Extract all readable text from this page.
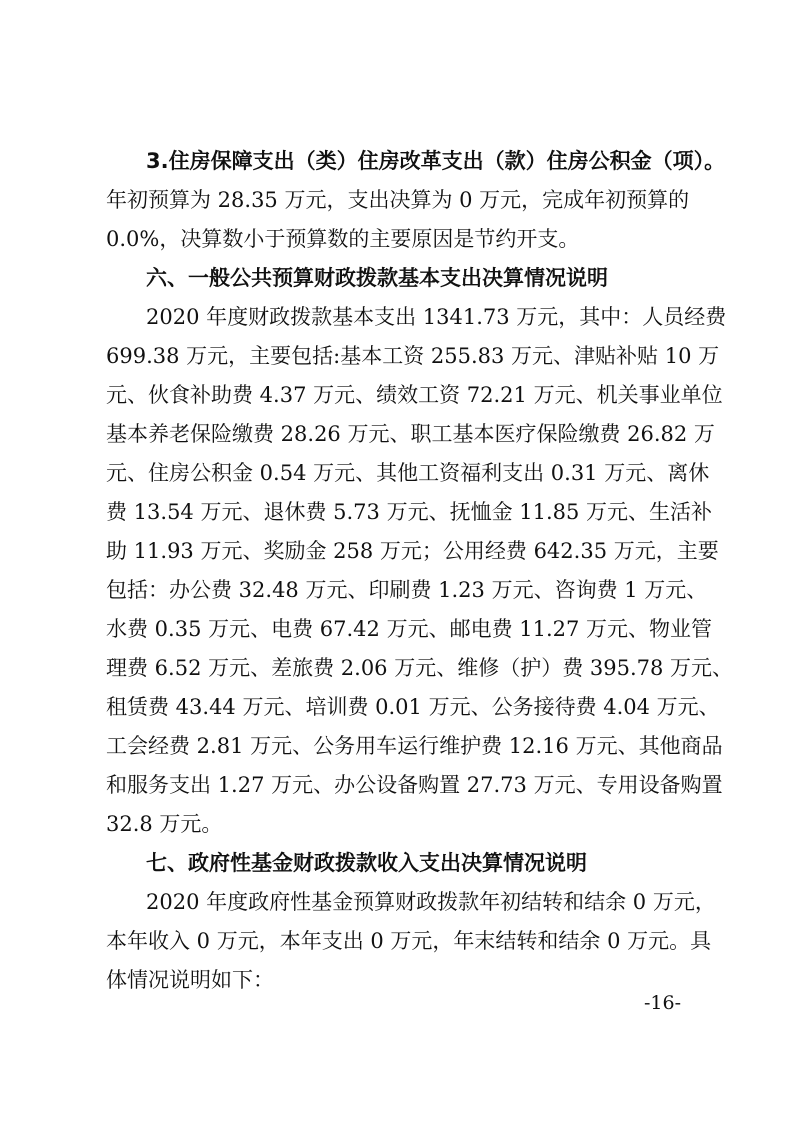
3.住房保障支出（类）住房改革支出（款）住房公积金（项）。
年初预算为 28.35 万元，支出决算为 0 万元，完成年初预算的
0.0%，决算数小于预算数的主要原因是节约开支。
六、一般公共预算财政拨款基本支出决算情况说明
2020 年度财政拨款基本支出 1341.73 万元，其中：人员经费
699.38 万元，主要包括:基本工资 255.83 万元、津贴补贴 10 万
元、伙食补助费 4.37 万元、绩效工资 72.21 万元、机关事业单位
基本养老保险缴费 28.26 万元、职工基本医疗保险缴费 26.82 万
元、住房公积金 0.54 万元、其他工资福利支出 0.31 万元、离休
费 13.54 万元、退休费 5.73 万元、抚恤金 11.85 万元、生活补
助 11.93 万元、奖励金 258 万元；公用经费 642.35 万元，主要
包括：办公费 32.48 万元、印刷费 1.23 万元、咨询费 1 万元、
水费 0.35 万元、电费 67.42 万元、邮电费 11.27 万元、物业管
理费 6.52 万元、差旅费 2.06 万元、维修（护）费 395.78 万元、
租赁费 43.44 万元、培训费 0.01 万元、公务接待费 4.04 万元、
工会经费 2.81 万元、公务用车运行维护费 12.16 万元、其他商品
和服务支出 1.27 万元、办公设备购置 27.73 万元、专用设备购置
32.8 万元。
七、政府性基金财政拨款收入支出决算情况说明
2020 年度政府性基金预算财政拨款年初结转和结余 0 万元，
本年收入 0 万元，本年支出 0 万元，年末结转和结余 0 万元。具
体情况说明如下：
-16-
